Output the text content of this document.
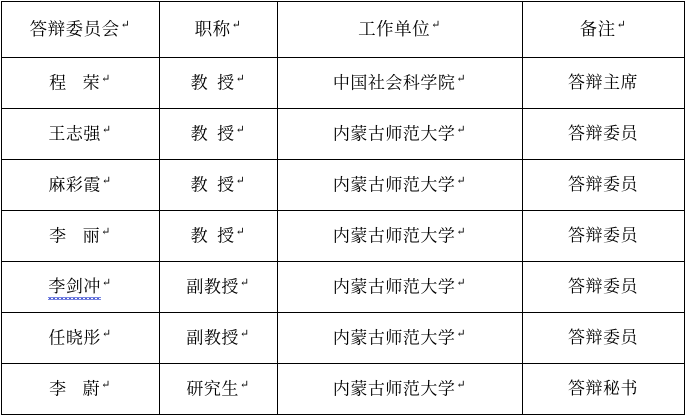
答辩委员会↵	职称↵	工作单位↵	备注↵
程 荣↵	教 授↵	中国社会科学院↵	答辩主席
王志强↵	教 授↵	内蒙古师范大学↵	答辩委员
麻彩霞↵	教 授↵	内蒙古师范大学↵	答辩委员
李 丽↵	教 授↵	内蒙古师范大学↵	答辩委员
李剑冲↵	副教授↵	内蒙古师范大学↵	答辩委员
任晓彤↵	副教授↵	内蒙古师范大学↵	答辩委员
李 蔚↵	研究生↵	内蒙古师范大学↵	答辩秘书
